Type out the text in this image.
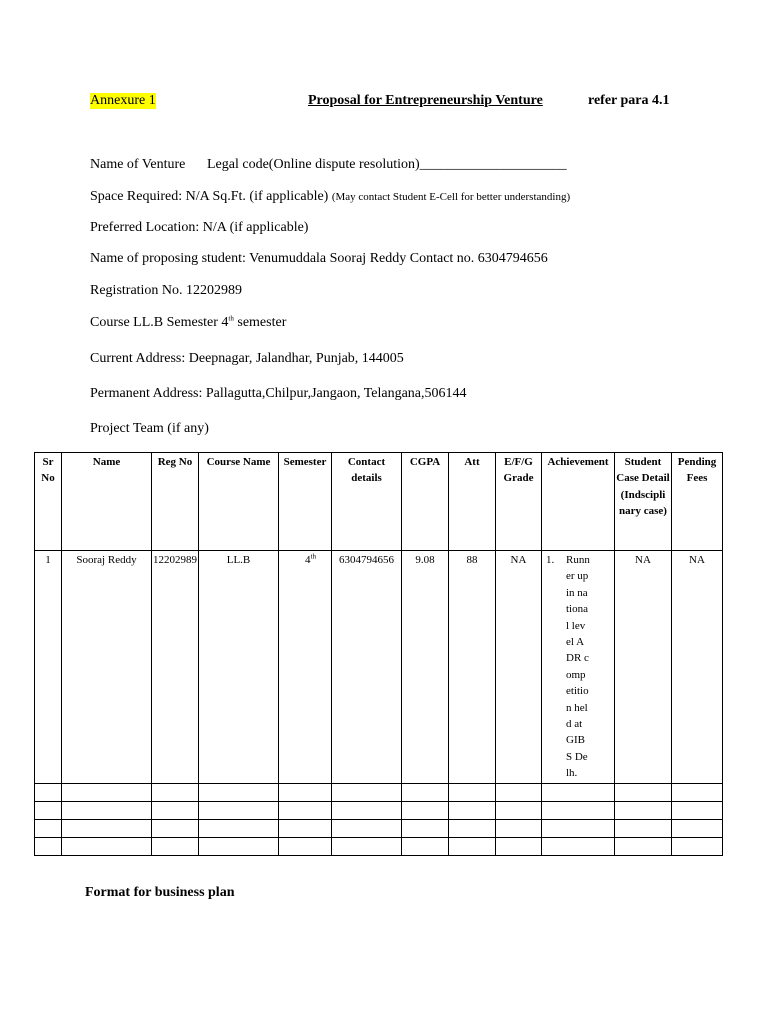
Annexure 1	Proposal for Entrepreneurship Venture	refer para 4.1
Name of Venture Legal code(Online dispute resolution)_____________________
Space Required: N/A Sq.Ft. (if applicable) (May contact Student E-Cell for better understanding)
Preferred Location: N/A (if applicable)
Name of proposing student: Venumuddala Sooraj Reddy Contact no. 6304794656
Registration No. 12202989
Course LL.B Semester 4th semester
Current Address: Deepnagar, Jalandhar, Punjab, 144005
Permanent Address: Pallagutta,Chilpur,Jangaon, Telangana,506144
Project Team (if any)
Sr No	Name	Reg No	Course Name	Semester	Contact details	CGPA	Att	E/F/G Grade	Achievement	Student Case Detail (Indscipli nary case)	Pending Fees
1	Sooraj Reddy	12202989	LL.B	4th	6304794656	9.08	88	NA	1. Runner up in national level ADR competition held at GIBS Delh.	NA	NA

Format for business plan
